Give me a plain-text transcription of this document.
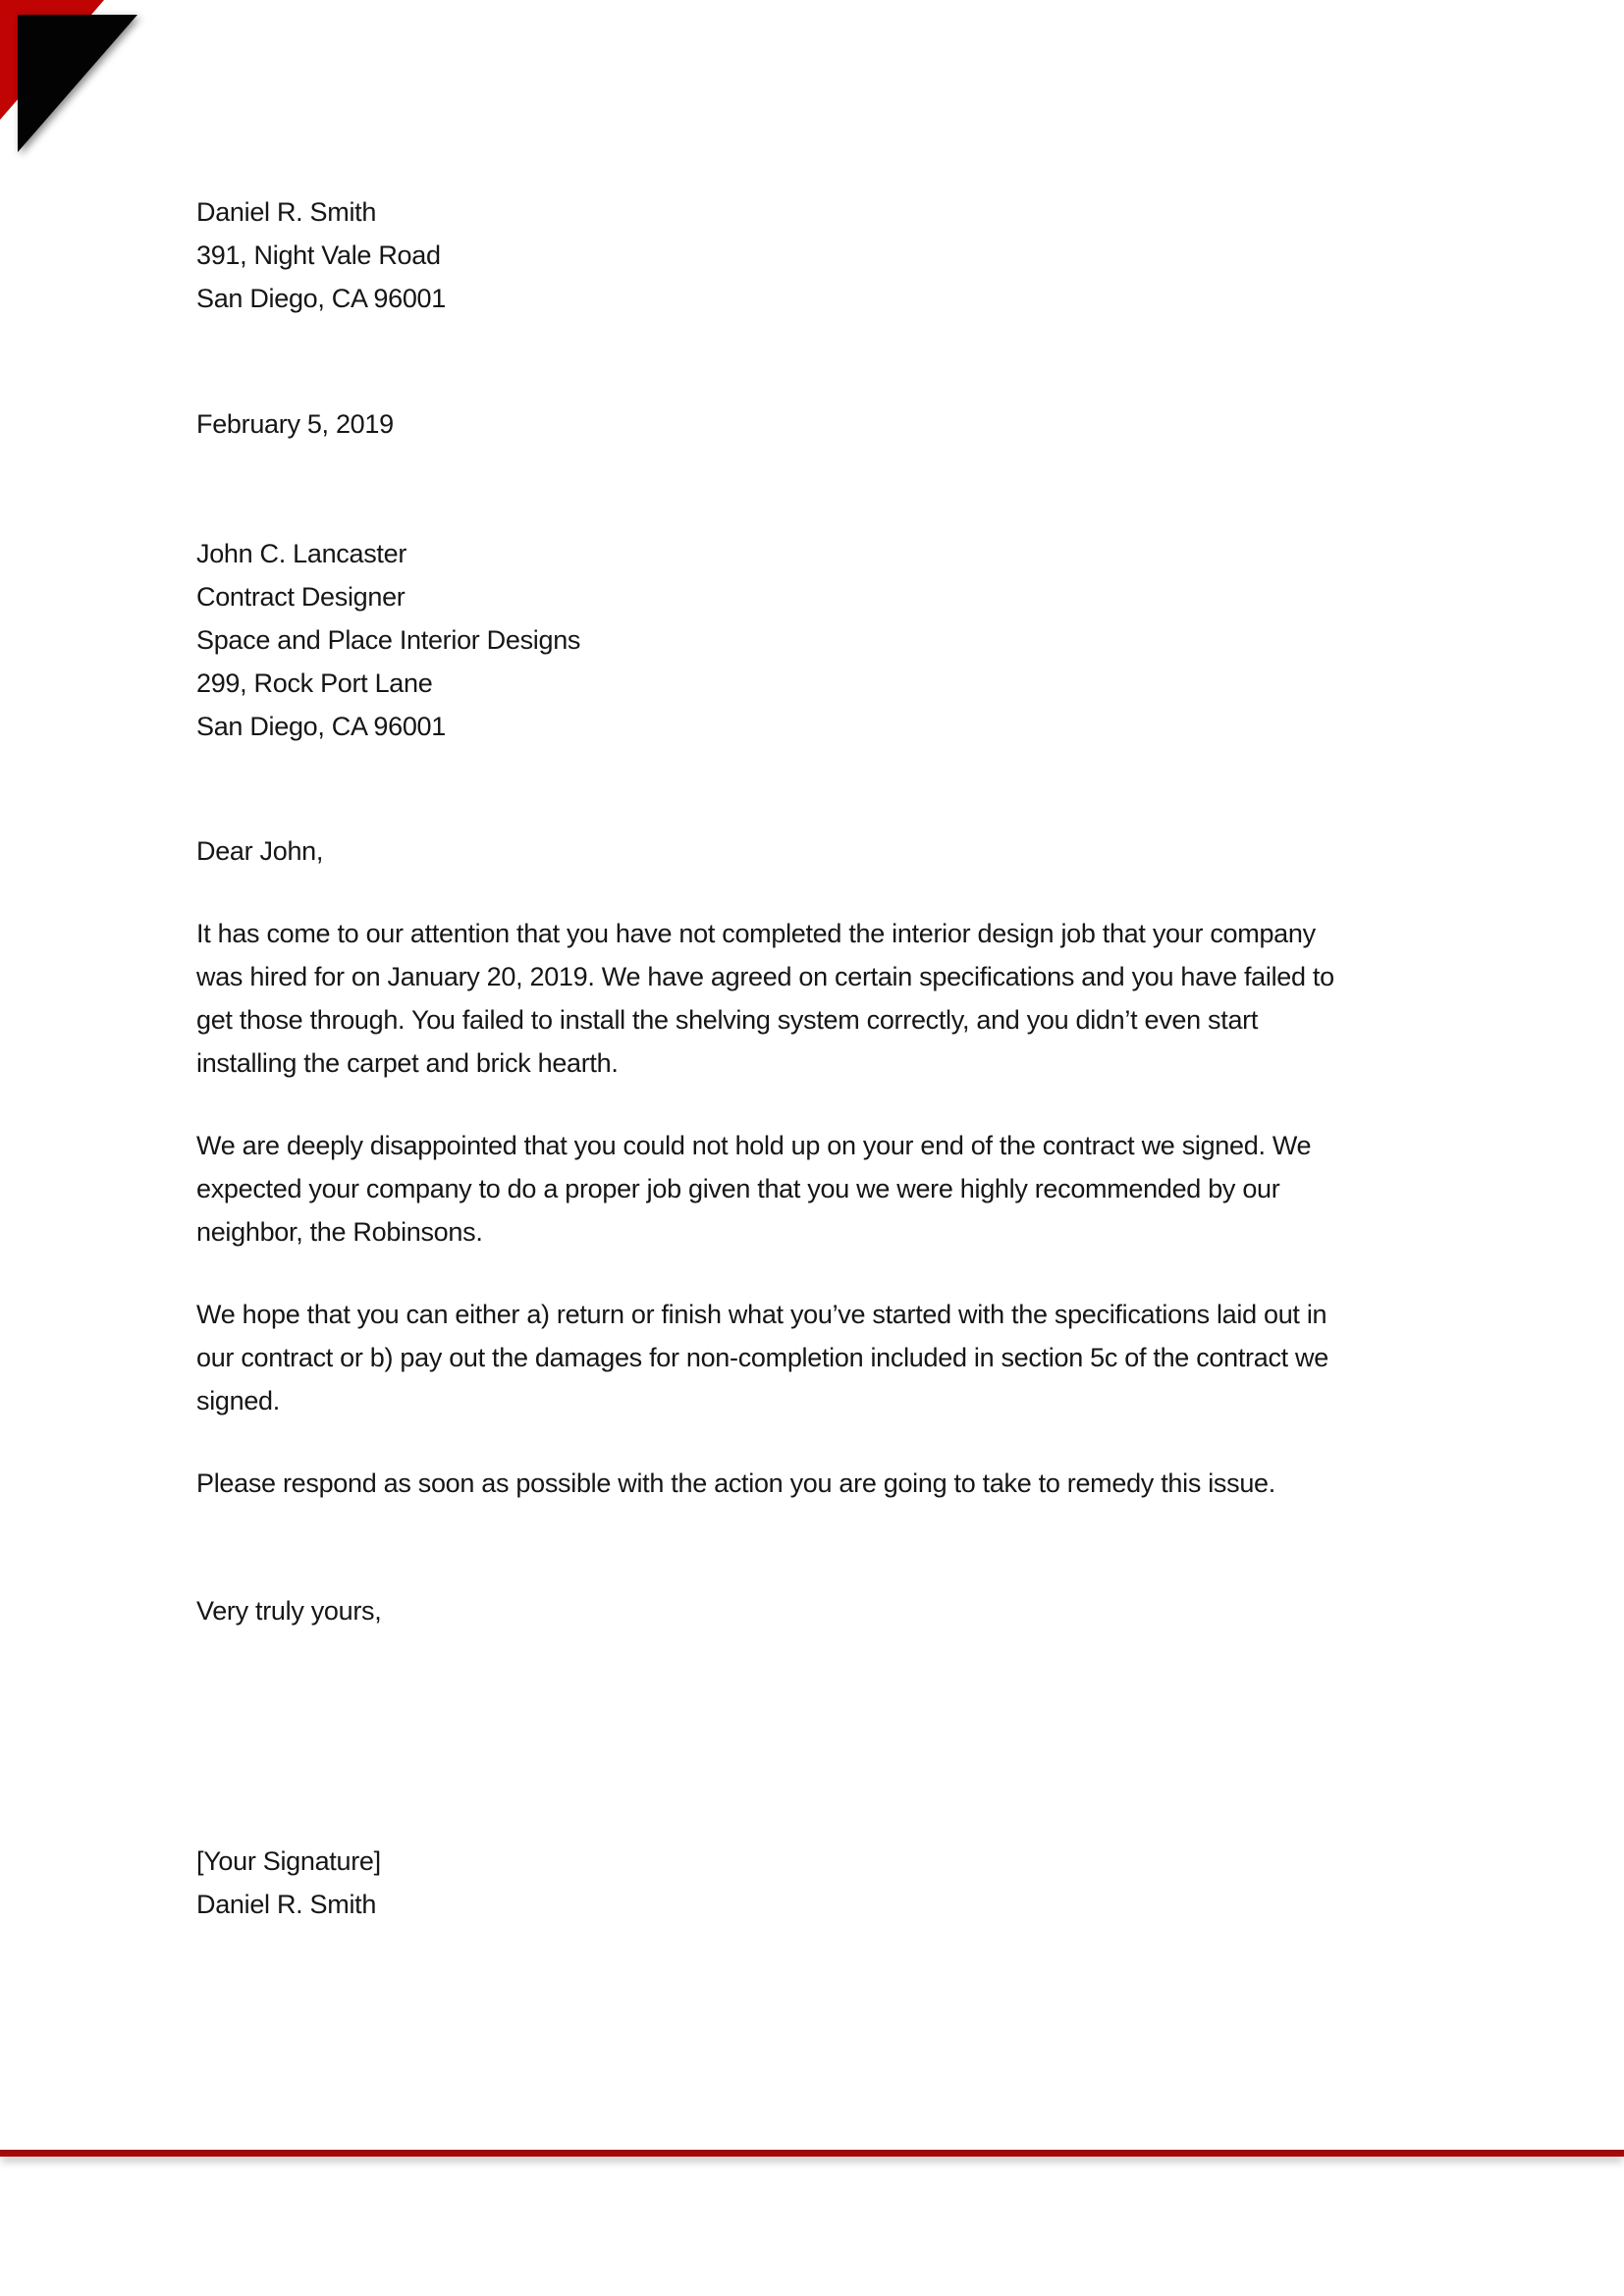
Daniel R. Smith
391, Night Vale Road
San Diego, CA 96001
February 5, 2019
John C. Lancaster
Contract Designer
Space and Place Interior Designs
299, Rock Port Lane
San Diego, CA 96001
Dear John,
It has come to our attention that you have not completed the interior design job that your company
was hired for on January 20, 2019. We have agreed on certain specifications and you have failed to
get those through. You failed to install the shelving system correctly, and you didn’t even start
installing the carpet and brick hearth.
We are deeply disappointed that you could not hold up on your end of the contract we signed. We
expected your company to do a proper job given that you we were highly recommended by our
neighbor, the Robinsons.
We hope that you can either a) return or finish what you’ve started with the specifications laid out in
our contract or b) pay out the damages for non-completion included in section 5c of the contract we
signed.
Please respond as soon as possible with the action you are going to take to remedy this issue.
Very truly yours,
[Your Signature]
Daniel R. Smith
